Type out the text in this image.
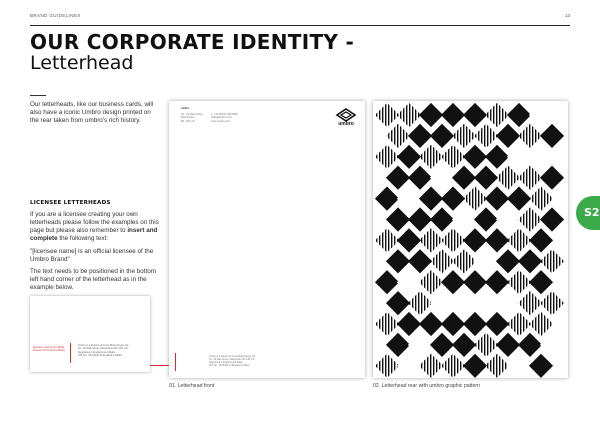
BRAND GUIDELINES	13
OUR CORPORATE IDENTITY -
Letterhead
Our letterheads, like our business cards, will also have a iconic Umbro design printed on the rear taken from umbro's rich history.
LICENSEE LETTERHEADS
If you are a licensee creating your own letterheads please follow the examples on this page but please also remember to insert and complete the following text:
"[licensee name] is an official licensee of the Umbro Brand"
The text needs to be positioned in the bottom left hand corner of the letterhead as in the example below.
[licensee name] is an official licensee of the Umbro Brand
Umbro is a division of Iconix Brand Group Ltd
16 - 20 Dale Street, Manchester M1 1JR, UK
Registered in England and Wales
VAT No.: 243 8040 14 England & Wales
umbro
16 - 20 Dale Street
Manchester
M1 1JR, UK
T: +44 (0)161 000 0000
hello@umbro.com
www.umbro.com	umbro
Umbro is a division of Iconix Brand Group Ltd
16 - 20 Dale Street, Manchester M1 1JR, UK
Registered in England and Wales
VAT No.: 243 8040 14 England & Wales
01. Letterhead front	02. Letterhead rear with umbro graphic pattern
S2
